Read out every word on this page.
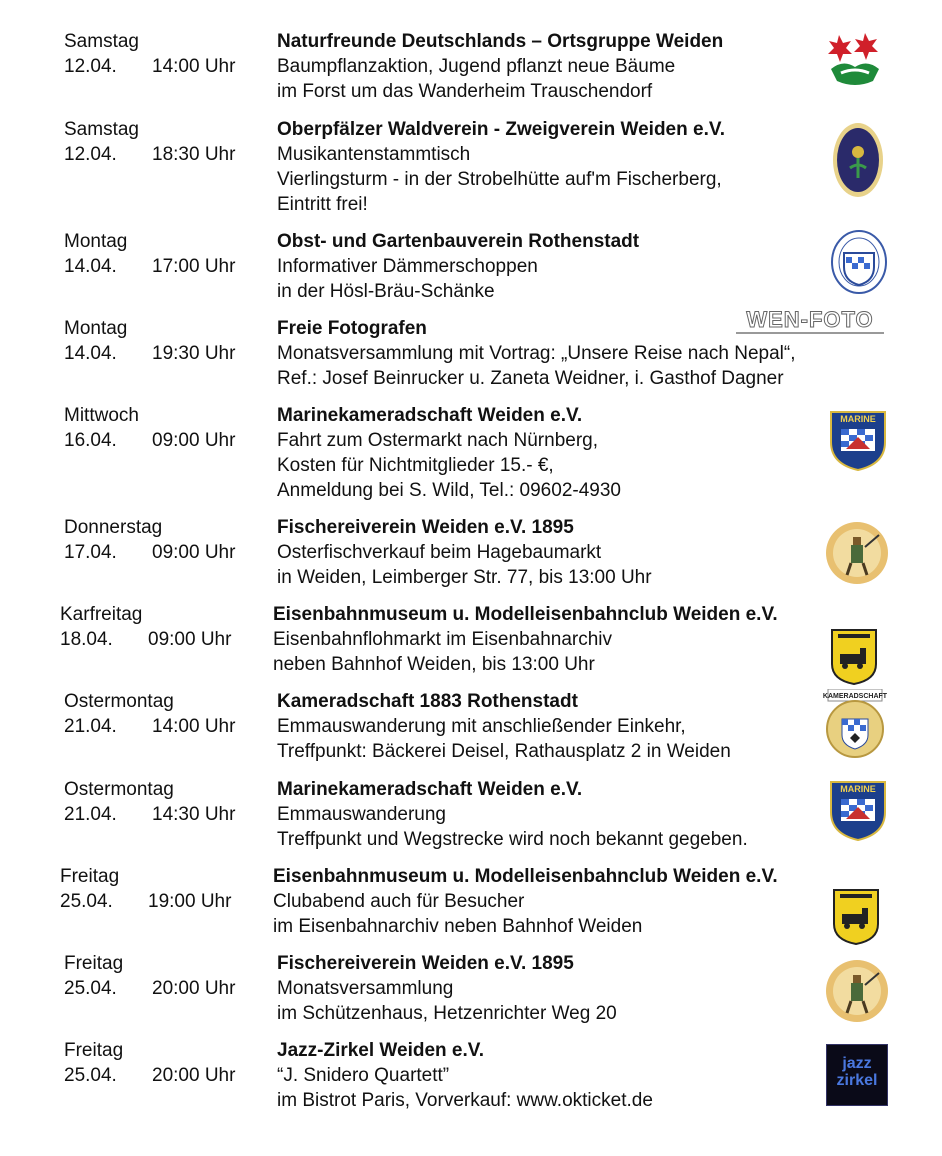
Samstag
12.04. 14:00 Uhr
Naturfreunde Deutschlands – Ortsgruppe Weiden
Baumpflanzaktion, Jugend pflanzt neue Bäume
im Forst um das Wanderheim Trauschendorf
Samstag
12.04. 18:30 Uhr
Oberpfälzer Waldverein - Zweigverein Weiden e.V.
Musikantenstammtisch
Vierlingsturm - in der Strobelhütte auf'm Fischerberg,
Eintritt frei!
Montag
14.04. 17:00 Uhr
Obst- und Gartenbauverein Rothenstadt
Informativer Dämmerschoppen
in der Hösl-Bräu-Schänke
Montag
14.04. 19:30 Uhr
Freie Fotografen
Monatsversammlung mit Vortrag: „Unsere Reise nach Nepal“,
Ref.: Josef Beinrucker u. Zaneta Weidner, i. Gasthof Dagner
WEN-FOTO
Mittwoch
16.04. 09:00 Uhr
Marinekameradschaft Weiden e.V.
Fahrt zum Ostermarkt nach Nürnberg,
Kosten für Nichtmitglieder 15.- €,
Anmeldung bei S. Wild, Tel.: 09602-4930
MARINE
Donnerstag
17.04. 09:00 Uhr
Fischereiverein Weiden e.V. 1895
Osterfischverkauf beim Hagebaumarkt
in Weiden, Leimberger Str. 77, bis 13:00 Uhr
Karfreitag
18.04. 09:00 Uhr
Eisenbahnmuseum u. Modelleisenbahnclub Weiden e.V.
Eisenbahnflohmarkt im Eisenbahnarchiv
neben Bahnhof Weiden, bis 13:00 Uhr
Ostermontag
21.04. 14:00 Uhr
Kameradschaft 1883 Rothenstadt
Emmauswanderung mit anschließender Einkehr,
Treffpunkt: Bäckerei Deisel, Rathausplatz 2 in Weiden
KAMERADSCHAFT
Ostermontag
21.04. 14:30 Uhr
Marinekameradschaft Weiden e.V.
Emmauswanderung
Treffpunkt und Wegstrecke wird noch bekannt gegeben.
MARINE
Freitag
25.04. 19:00 Uhr
Eisenbahnmuseum u. Modelleisenbahnclub Weiden e.V.
Clubabend auch für Besucher
im Eisenbahnarchiv neben Bahnhof Weiden
Freitag
25.04. 20:00 Uhr
Fischereiverein Weiden e.V. 1895
Monatsversammlung
im Schützenhaus, Hetzenrichter Weg 20
Freitag
25.04. 20:00 Uhr
Jazz-Zirkel Weiden e.V.
“J. Snidero Quartett”
im Bistrot Paris, Vorverkauf: www.okticket.de
jazz zirkel
